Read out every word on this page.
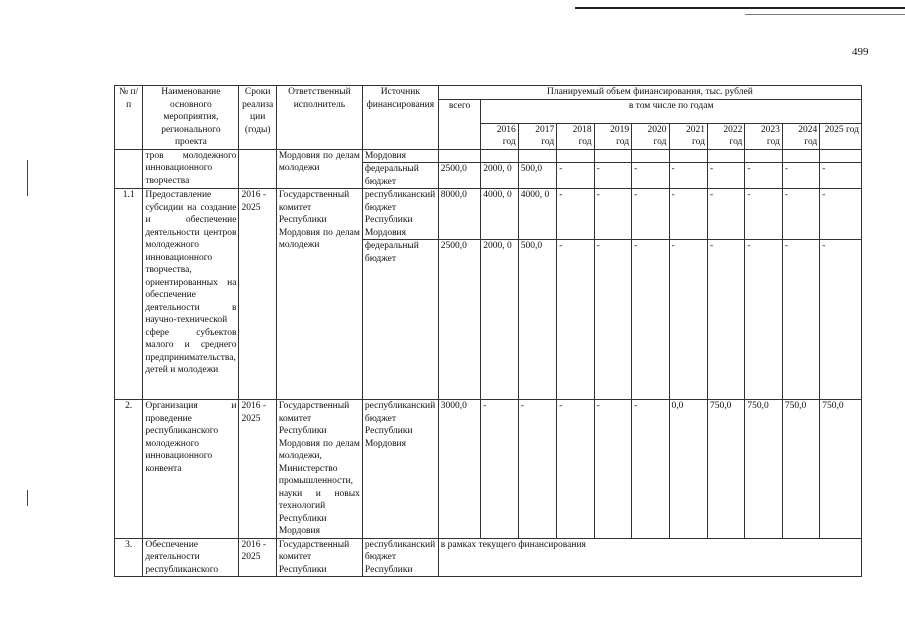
499
№ п/ п	Наименование основного мероприятия, регионального проекта	Сроки реализации (годы)	Ответственный исполнитель	Источник финансирования	Планируемый объем финансирования, тыс. рублей										
					всего	в том числе по годам									
						2016 год	2017 год	2018 год	2019 год	2020 год	2021 год	2022 год	2023 год	2024 год	2025 год
	тров молодежного инновационного творчества		Мордовия по делам молодежи	Мордовия											
				федеральный бюджет	2500,0	2000, 0	500,0	-	-	-	-	-	-	-	-
1.1	Предоставление субсидии на создание и обеспечение деятельности центров молодежного инновационного творчества, ориентированных на обеспечение деятельности в научно-технической сфере субъектов малого и среднего предпринимательства, детей и молодежи	2016 - 2025	Государственный комитет Республики Мордовия по делам молодежи	республиканский бюджет Республики Мордовия	8000,0	4000, 0	4000, 0	-	-	-	-	-	-	-	-
				федеральный бюджет	2500,0	2000, 0	500,0	-	-	-	-	-	-	-	-
2.	Организация и проведение республиканского молодежного инновационного конвента	2016 - 2025	Государственный комитет Республики Мордовия по делам молодежи, Министерство промышленности, науки и новых технологий Республики Мордовия	республиканский бюджет Республики Мордовия	3000,0	-	-	-	-	-	0,0	750,0	750,0	750,0	750,0
3.	Обеспечение деятельности республиканского	2016 - 2025	Государственный комитет Республики	республиканский бюджет Республики	в рамках текущего финансирования										
